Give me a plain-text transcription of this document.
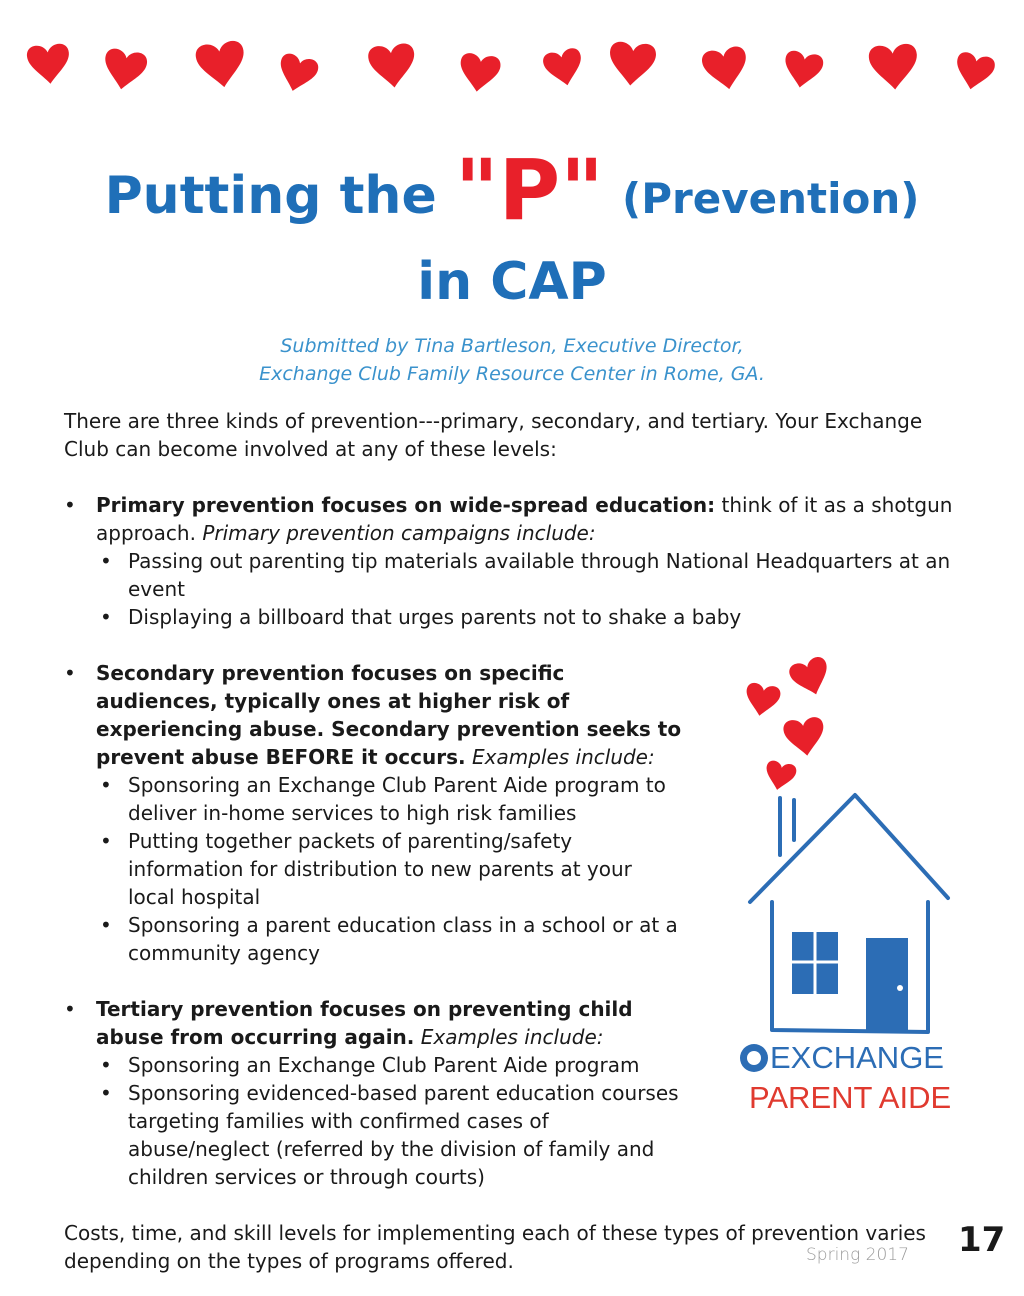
Putting the "P" (Prevention)
in CAP
Submitted by Tina Bartleson, Executive Director,
Exchange Club Family Resource Center in Rome, GA.

There are three kinds of prevention---primary, secondary, and tertiary. Your Exchange Club can become involved at any of these levels:

• Primary prevention focuses on wide-spread education: think of it as a shotgun approach. Primary prevention campaigns include:
• Passing out parenting tip materials available through National Headquarters at an event
• Displaying a billboard that urges parents not to shake a baby
• Secondary prevention focuses on specific audiences, typically ones at higher risk of experiencing abuse. Secondary prevention seeks to prevent abuse BEFORE it occurs. Examples include:
• Sponsoring an Exchange Club Parent Aide program to deliver in-home services to high risk families
• Putting together packets of parenting/safety information for distribution to new parents at your local hospital
• Sponsoring a parent education class in a school or at a community agency
• Tertiary prevention focuses on preventing child abuse from occurring again. Examples include:
• Sponsoring an Exchange Club Parent Aide program
• Sponsoring evidenced-based parent education courses targeting families with confirmed cases of abuse/neglect (referred by the division of family and children services or through courts)

Costs, time, and skill levels for implementing each of these types of prevention varies depending on the types of programs offered.

EXCHANGE
PARENT AIDE
Spring 2017 17
